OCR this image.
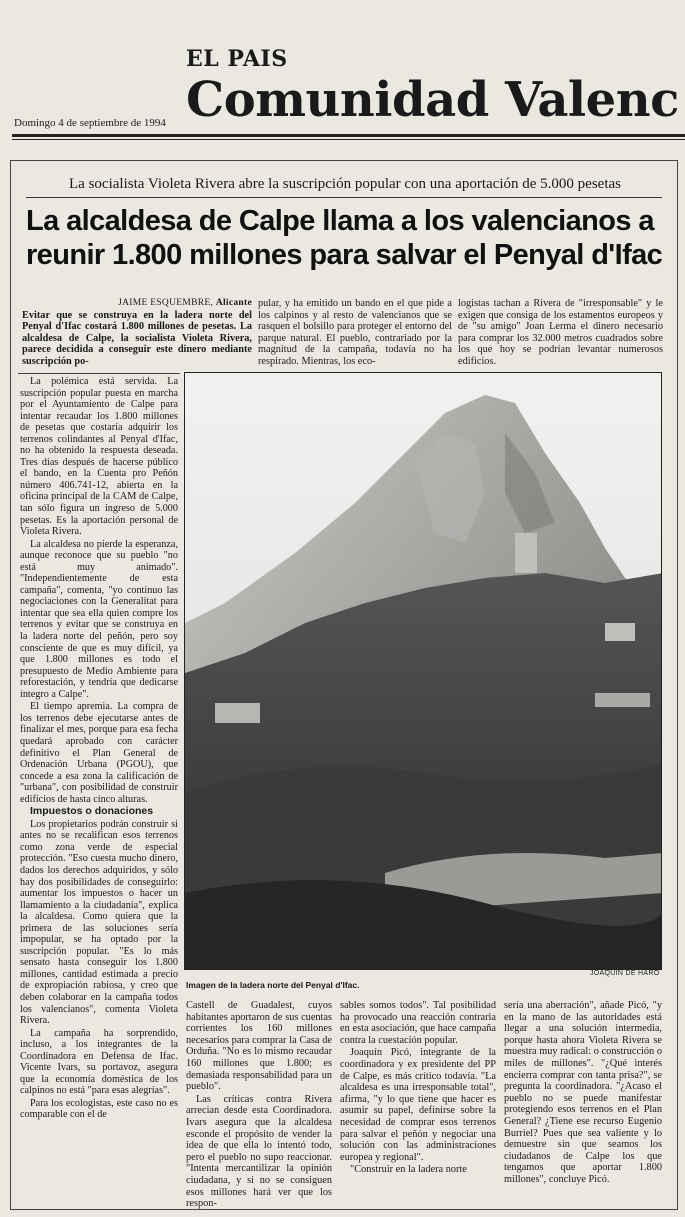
EL PAIS
Comunidad Valenc
Domingo 4 de septiembre de 1994
La socialista Violeta Rivera abre la suscripción popular con una aportación de 5.000 pesetas
La alcaldesa de Calpe llama a los valencianos a
reunir 1.800 millones para salvar el Penyal d'Ifac
JAIME ESQUEMBRE, Alicante
Evitar que se construya en la ladera norte del Penyal d'Ifac costará 1.800 millones de pesetas. La alcaldesa de Calpe, la socialista Violeta Rivera, parece decidida a conseguir este dinero mediante suscripción po-
pular, y ha emitido un bando en el que pide a los calpinos y al resto de valencianos que se rasquen el bolsillo para proteger el entorno del parque natural. El pueblo, contrariado por la magnitud de la campaña, todavía no ha respirado. Mientras, los eco-
logistas tachan a Rivera de "irresponsable" y le exigen que consiga de los estamentos europeos y de "su amigo" Joan Lerma el dinero necesario para comprar los 32.000 metros cuadrados sobre los que hoy se podrían levantar numerosos edificios.

La polémica está servida. La suscripción popular puesta en marcha por el Ayuntamiento de Calpe para intentar recaudar los 1.800 millones de pesetas que costaría adquirir los terrenos colindantes al Penyal d'Ifac, no ha obtenido la respuesta deseada. Tres días después de hacerse público el bando, en la Cuenta pro Peñón número 406.741-12, abierta en la oficina principal de la CAM de Calpe, tan sólo figura un ingreso de 5.000 pesetas. Es la aportación personal de Violeta Rivera.

La alcaldesa no pierde la esperanza, aunque reconoce que su pueblo "no está muy animado". "Independientemente de esta campaña", comenta, "yo continuo las negociaciones con la Generalitat para intentar que sea ella quien compre los terrenos y evitar que se construya en la ladera norte del peñón, pero soy consciente de que es muy difícil, ya que 1.800 millones es todo el presupuesto de Medio Ambiente para reforestación, y tendría que dedicarse íntegro a Calpe".

El tiempo apremia. La compra de los terrenos debe ejecutarse antes de finalizar el mes, porque para esa fecha quedará aprobado con carácter definitivo el Plan General de Ordenación Urbana (PGOU), que concede a esa zona la calificación de "urbana", con posibilidad de construir edificios de hasta cinco alturas.

Impuestos o donaciones

Los propietarios podrán construir si antes no se recalifican esos terrenos como zona verde de especial protección. "Eso cuesta mucho dinero, dados los derechos adquiridos, y sólo hay dos posibilidades de conseguirlo: aumentar los impuestos o hacer un llamamiento a la ciudadanía", explica la alcaldesa. Como quiera que la primera de las soluciones sería impopular, se ha optado por la suscripción popular. "Es lo más sensato hasta conseguir los 1.800 millones, cantidad estimada a precio de expropiación rabiosa, y creo que deben colaborar en la campaña todos los valencianos", comenta Violeta Rivera.

La campaña ha sorprendido, incluso, a los integrantes de la Coordinadora en Defensa de Ifac. Vicente Ivars, su portavoz, asegura que la economía doméstica de los calpinos no está "para esas alegrías".

Para los ecologistas, este caso no es comparable con el de

JOAQUIN DE HARO
Imagen de la ladera norte del Penyal d'Ifac.

Castell de Guadalest, cuyos habitantes aportaron de sus cuentas corrientes los 160 millones necesarios para comprar la Casa de Orduña. "No es lo mismo recaudar 160 millones que 1.800; es demasiada responsabilidad para un pueblo".

Las críticas contra Rivera arrecian desde esta Coordinadora. Ivars asegura que la alcaldesa esconde el propósito de vender la idea de que ella lo intentó todo, pero el pueblo no supo reaccionar. "Intenta mercantilizar la opinión ciudadana, y si no se consiguen esos millones hará ver que los respon-

sables somos todos". Tal posibilidad ha provocado una reacción contraria en esta asociación, que hace campaña contra la cuestación popular.

Joaquín Picó, integrante de la coordinadora y ex presidente del PP de Calpe, es más crítico todavía. "La alcaldesa es una irresponsable total", afirma, "y lo que tiene que hacer es asumir su papel, definirse sobre la necesidad de comprar esos terrenos para salvar el peñón y negociar una solución con las administraciones europea y regional".

"Construir en la ladera norte

sería una aberración", añade Picó, "y en la mano de las autoridades está llegar a una solución intermedia, porque hasta ahora Violeta Rivera se muestra muy radical: o construcción o miles de millones". "¿Qué interés encierra comprar con tanta prisa?", se pregunta la coordinadora. "¿Acaso el pueblo no se puede manifestar protegiendo esos terrenos en el Plan General? ¿Tiene ese recurso Eugenio Burriel? Pues que sea valiente y lo demuestre sin que seamos los ciudadanos de Calpe los que tengamos que aportar 1.800 millones", concluye Picó.
